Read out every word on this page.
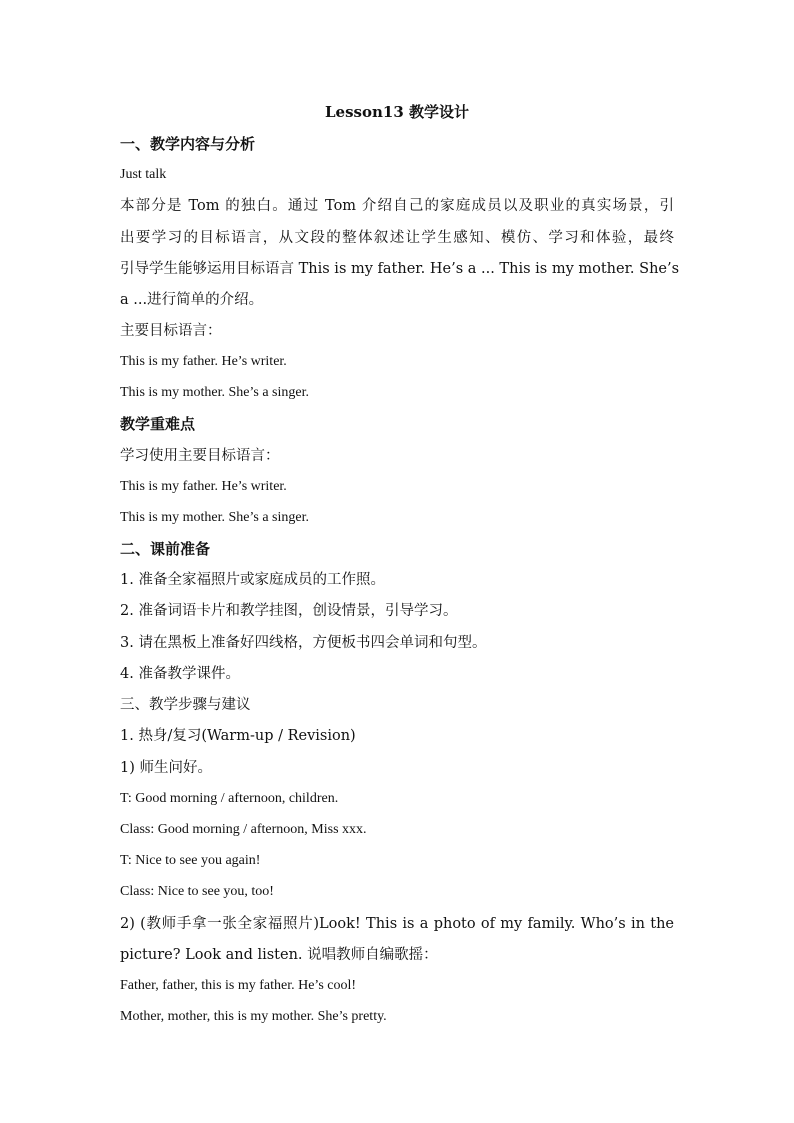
Lesson13 教学设计
一、教学内容与分析
Just talk
本部分是 Tom 的独白。通过 Tom 介绍自己的家庭成员以及职业的真实场景，引
出要学习的目标语言，从文段的整体叙述让学生感知、模仿、学习和体验，最终
引导学生能够运用目标语言 This is my father. He’s a ... This is my mother. She’s
a ...进行简单的介绍。
主要目标语言：
This is my father. He’s writer.
This is my mother. She’s a singer.
教学重难点
学习使用主要目标语言：
This is my father. He’s writer.
This is my mother. She’s a singer.
二、课前准备
1. 准备全家福照片或家庭成员的工作照。
2. 准备词语卡片和教学挂图，创设情景，引导学习。
3. 请在黑板上准备好四线格，方便板书四会单词和句型。
4. 准备教学课件。
三、教学步骤与建议
1. 热身/复习(Warm-up / Revision)
1) 师生问好。
T: Good morning / afternoon, children.
Class: Good morning / afternoon, Miss xxx.
T: Nice to see you again!
Class: Nice to see you, too!
2) (教师手拿一张全家福照片)Look! This is a photo of my family. Who’s in the
picture? Look and listen. 说唱教师自编歌摇：
Father, father, this is my father. He’s cool!
Mother, mother, this is my mother. She’s pretty.
